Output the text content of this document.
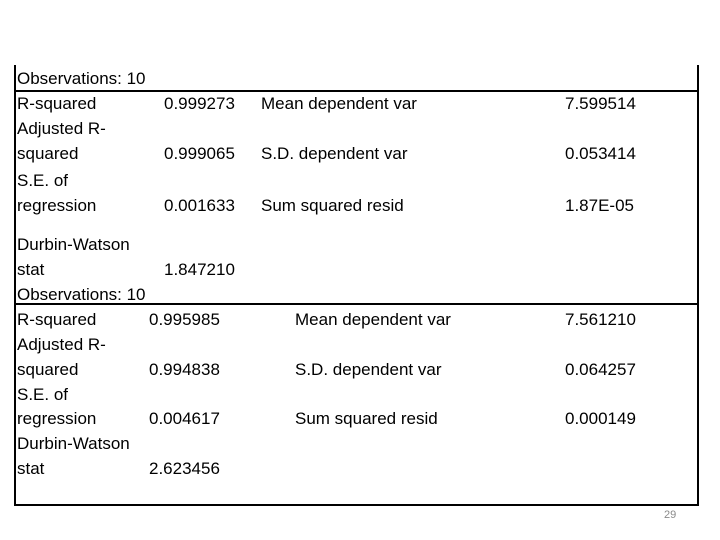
Observations: 10
R-squared	0.999273 Mean dependent var	7.599514
Adjusted R-
squared	0.999065 S.D. dependent var	0.053414
S.E. of
regression	0.001633 Sum squared resid	1.87E-05
Durbin-Watson
stat	1.847210
Observations: 10
R-squared	0.995985	Mean dependent var	7.561210
Adjusted R-
squared	0.994838	S.D. dependent var	0.064257
S.E. of
regression	0.004617	Sum squared resid	0.000149
Durbin-Watson
stat	2.623456
29
